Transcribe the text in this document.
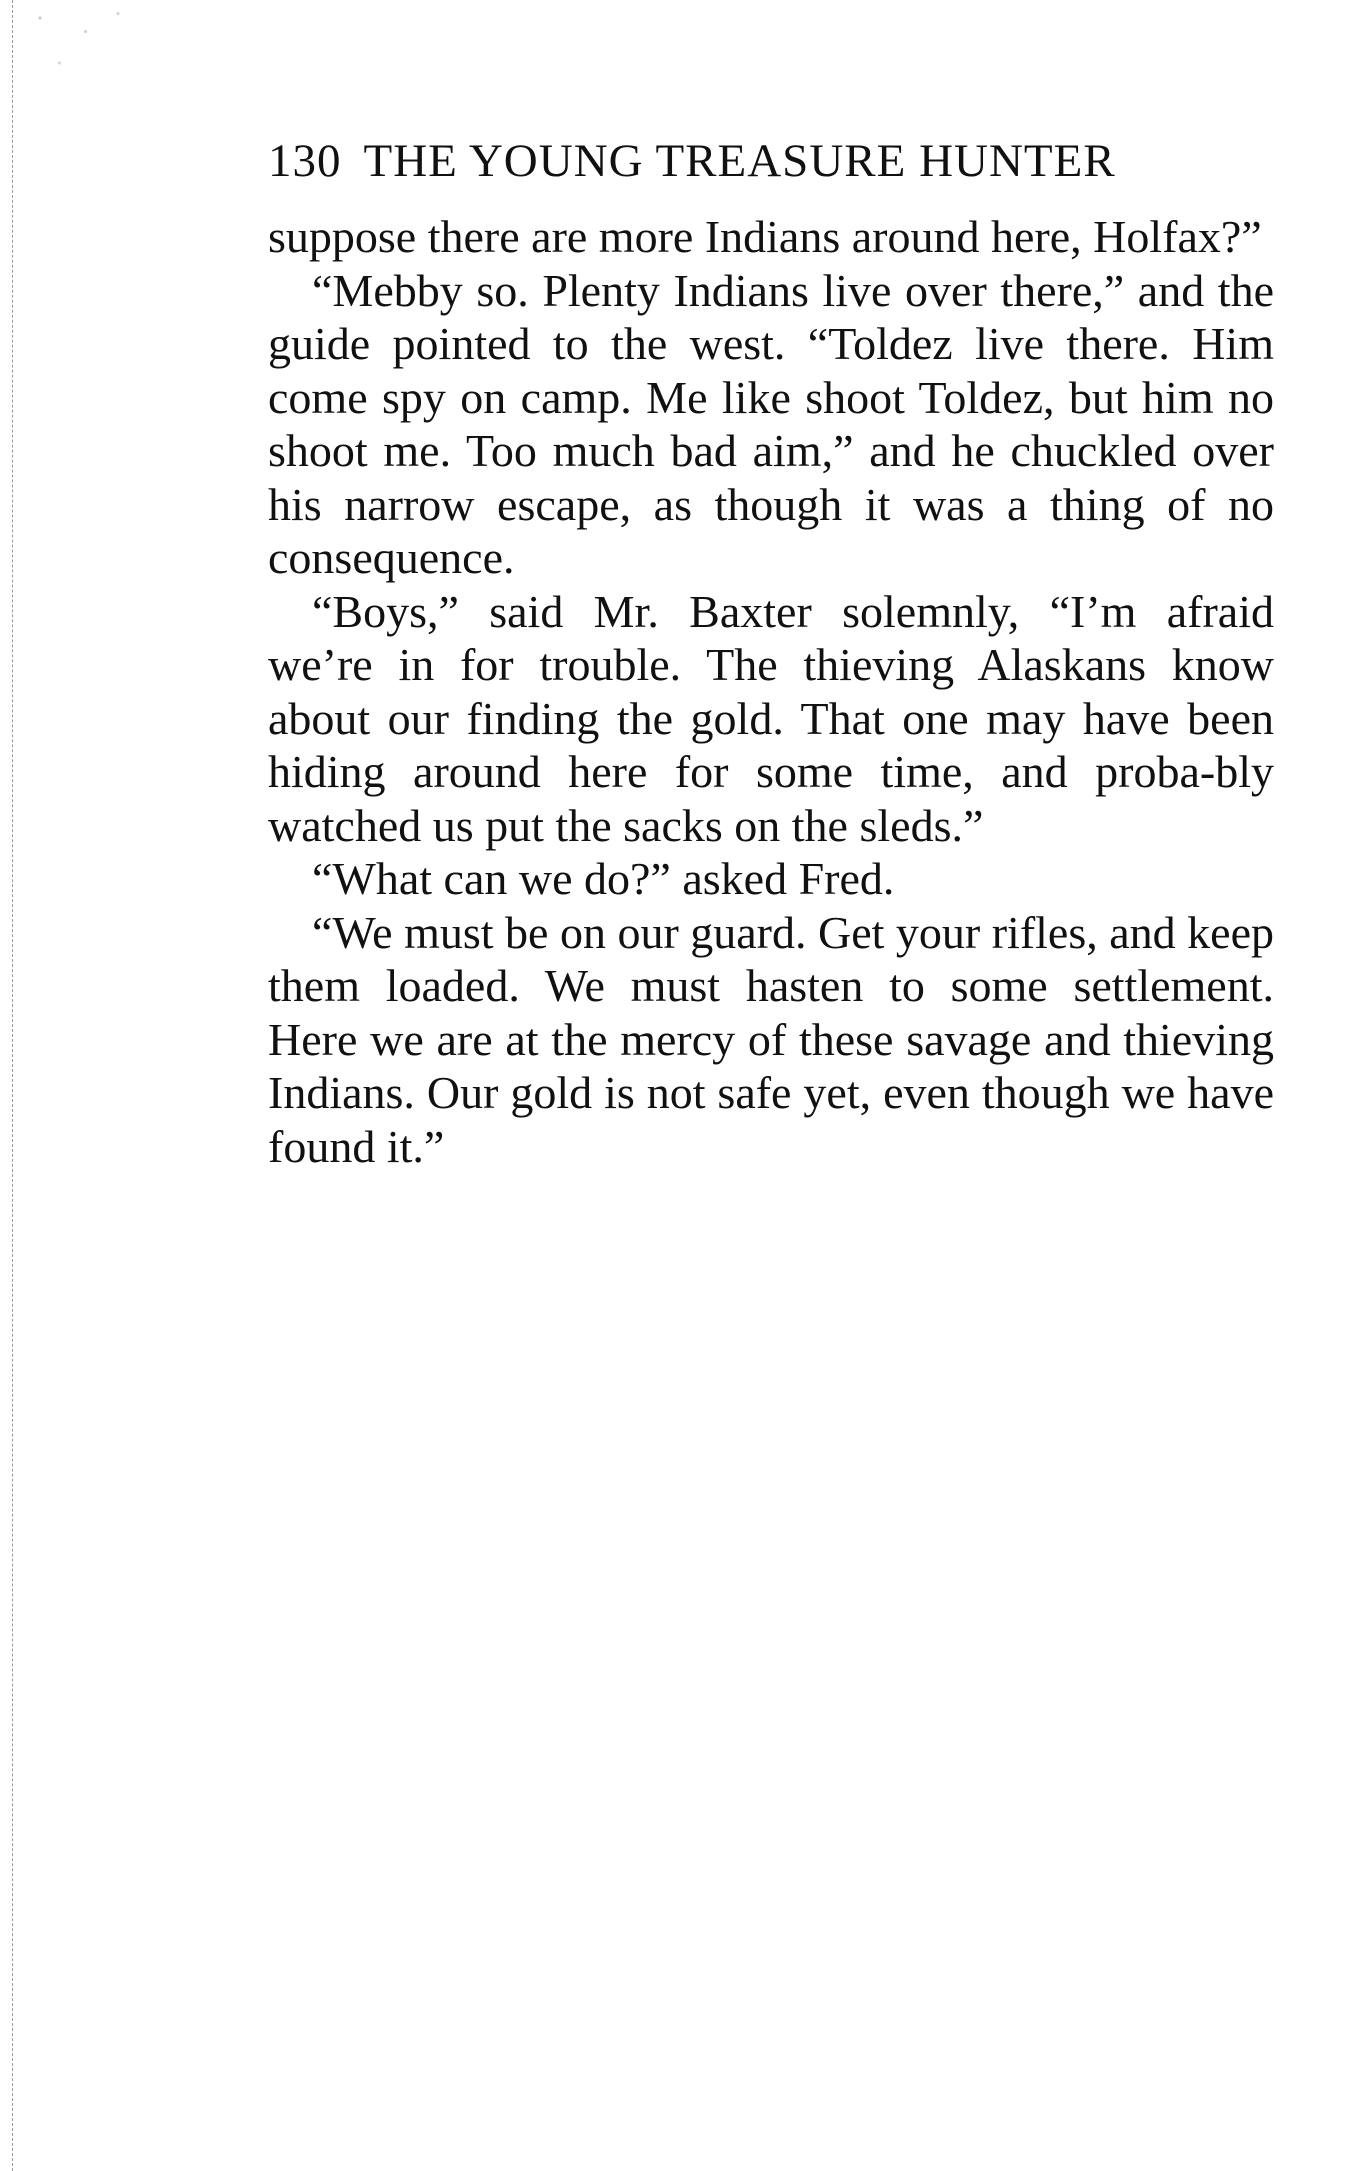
130 THE YOUNG TREASURE HUNTER

suppose there are more Indians around here, Holfax?”

“Mebby so. Plenty Indians live over there,” and the guide pointed to the west. “Toldez live there. Him come spy on camp. Me like shoot Toldez, but him no shoot me. Too much bad aim,” and he chuckled over his narrow escape, as though it was a thing of no consequence.

“Boys,” said Mr. Baxter solemnly, “I’m afraid we’re in for trouble. The thieving Alaskans know about our finding the gold. That one may have been hiding around here for some time, and proba-bly watched us put the sacks on the sleds.”

“What can we do?” asked Fred.

“We must be on our guard. Get your rifles, and keep them loaded. We must hasten to some settlement. Here we are at the mercy of these savage and thieving Indians. Our gold is not safe yet, even though we have found it.”
